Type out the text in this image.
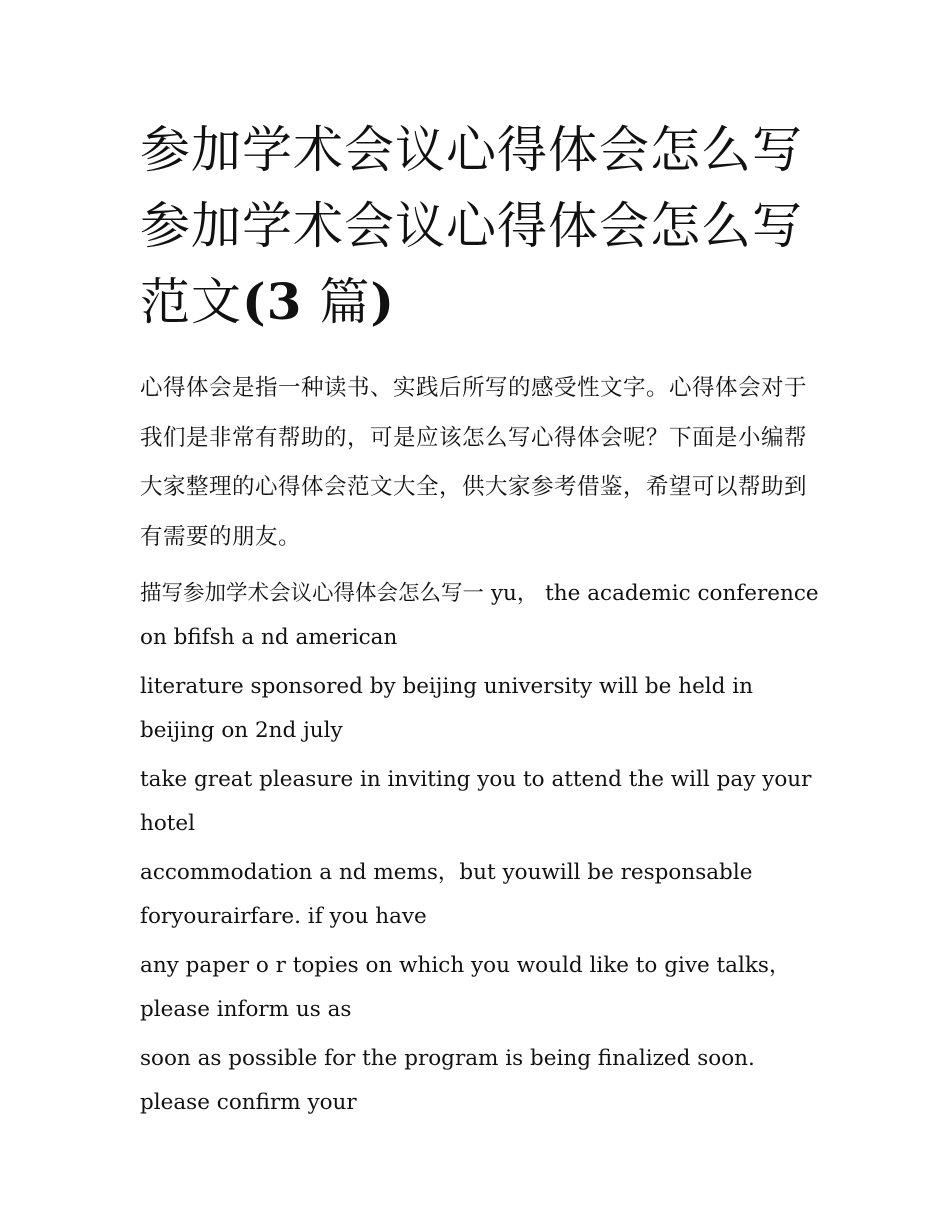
参加学术会议心得体会怎么写
参加学术会议心得体会怎么写
范文(3 篇)

心得体会是指一种读书、实践后所写的感受性文字。心得体会对于我们是非常有帮助的，可是应该怎么写心得体会呢？下面是小编帮大家整理的心得体会范文大全，供大家参考借鉴，希望可以帮助到有需要的朋友。

描写参加学术会议心得体会怎么写一 yu， the academic conference on bfifsh a nd american

literature sponsored by beijing university will be held in beijing on 2nd july

take great pleasure in inviting you to attend the will pay your hotel

accommodation a nd mems，but youwill be responsable foryourairfare. if you have

any paper o r topies on which you would like to give talks，please inform us as

soon as possible for the program is being finalized soon. please confirm your
